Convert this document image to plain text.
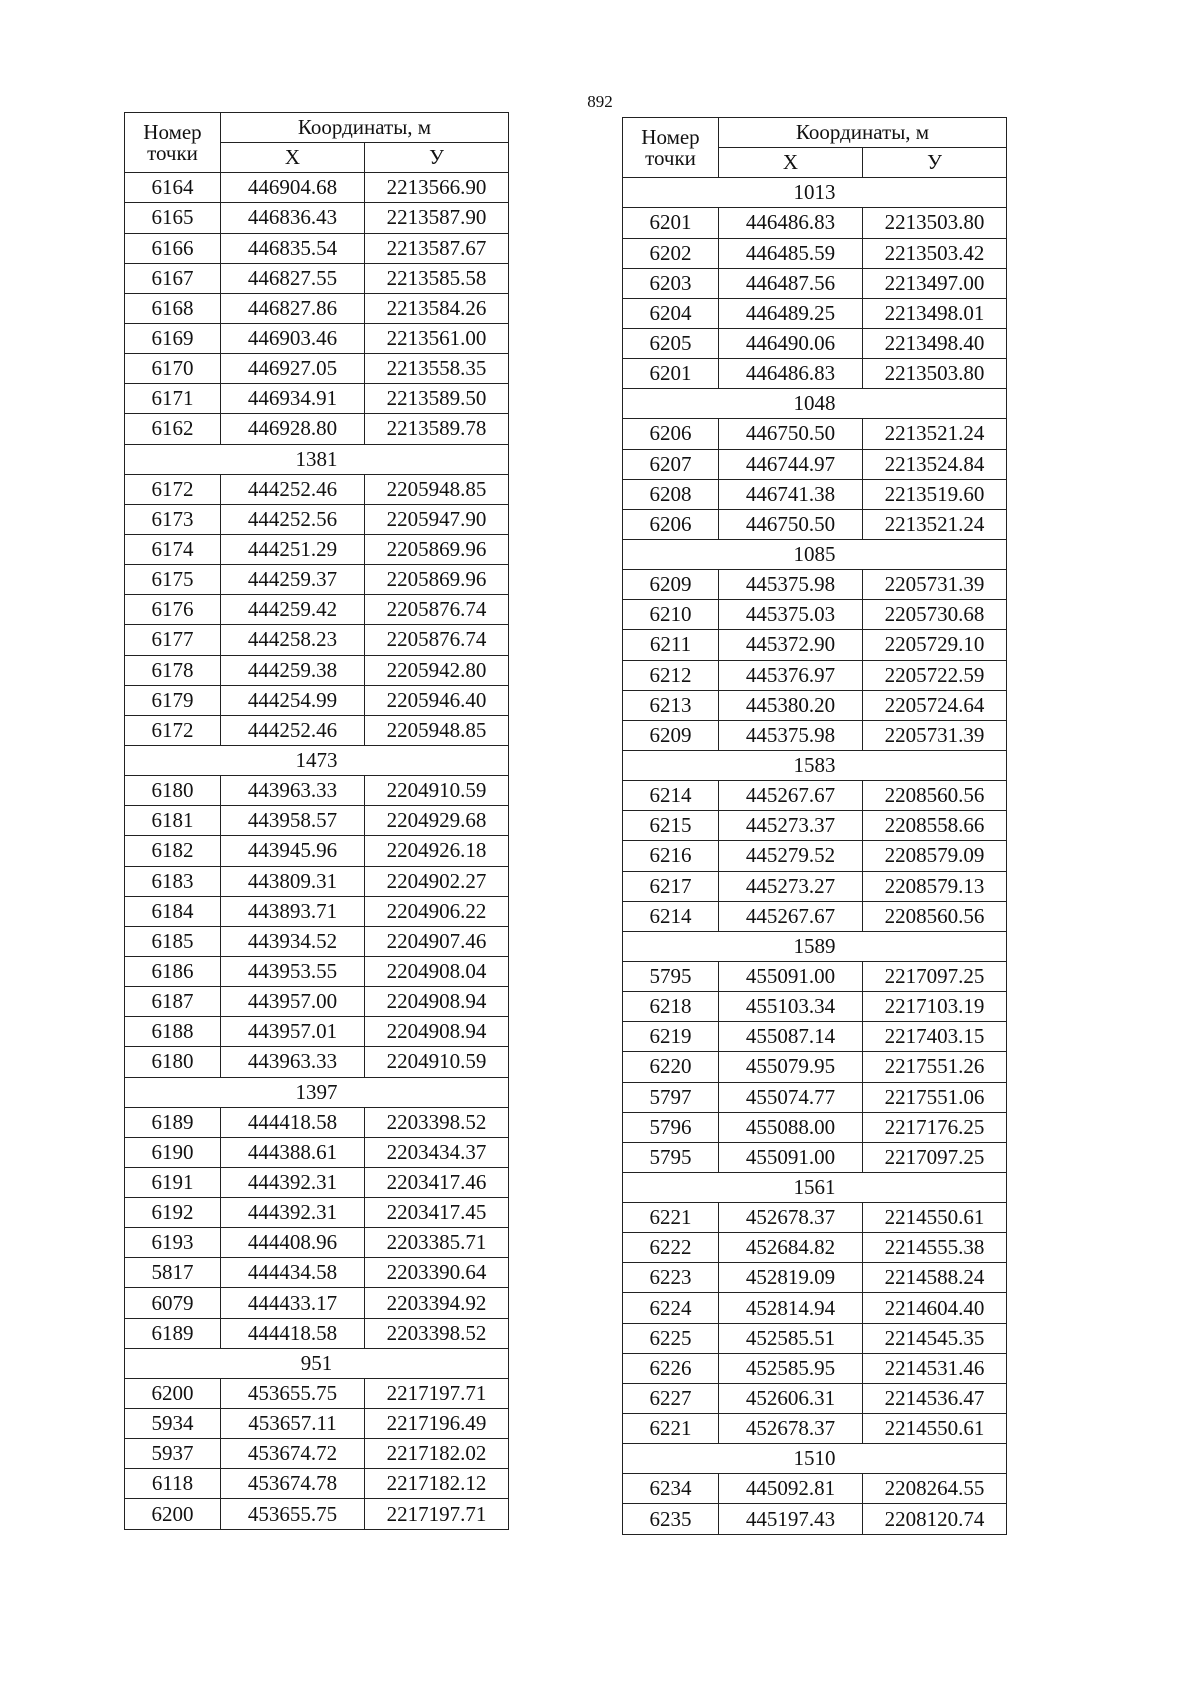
892
Номер
точки	Координаты, м	
	X	У
6164	446904.68	2213566.90
6165	446836.43	2213587.90
6166	446835.54	2213587.67
6167	446827.55	2213585.58
6168	446827.86	2213584.26
6169	446903.46	2213561.00
6170	446927.05	2213558.35
6171	446934.91	2213589.50
6162	446928.80	2213589.78
1381		
6172	444252.46	2205948.85
6173	444252.56	2205947.90
6174	444251.29	2205869.96
6175	444259.37	2205869.96
6176	444259.42	2205876.74
6177	444258.23	2205876.74
6178	444259.38	2205942.80
6179	444254.99	2205946.40
6172	444252.46	2205948.85
1473		
6180	443963.33	2204910.59
6181	443958.57	2204929.68
6182	443945.96	2204926.18
6183	443809.31	2204902.27
6184	443893.71	2204906.22
6185	443934.52	2204907.46
6186	443953.55	2204908.04
6187	443957.00	2204908.94
6188	443957.01	2204908.94
6180	443963.33	2204910.59
1397		
6189	444418.58	2203398.52
6190	444388.61	2203434.37
6191	444392.31	2203417.46
6192	444392.31	2203417.45
6193	444408.96	2203385.71
5817	444434.58	2203390.64
6079	444433.17	2203394.92
6189	444418.58	2203398.52
951		
6200	453655.75	2217197.71
5934	453657.11	2217196.49
5937	453674.72	2217182.02
6118	453674.78	2217182.12
6200	453655.75	2217197.71
Номер
точки	Координаты, м	
	X	У
1013		
6201	446486.83	2213503.80
6202	446485.59	2213503.42
6203	446487.56	2213497.00
6204	446489.25	2213498.01
6205	446490.06	2213498.40
6201	446486.83	2213503.80
1048		
6206	446750.50	2213521.24
6207	446744.97	2213524.84
6208	446741.38	2213519.60
6206	446750.50	2213521.24
1085		
6209	445375.98	2205731.39
6210	445375.03	2205730.68
6211	445372.90	2205729.10
6212	445376.97	2205722.59
6213	445380.20	2205724.64
6209	445375.98	2205731.39
1583		
6214	445267.67	2208560.56
6215	445273.37	2208558.66
6216	445279.52	2208579.09
6217	445273.27	2208579.13
6214	445267.67	2208560.56
1589		
5795	455091.00	2217097.25
6218	455103.34	2217103.19
6219	455087.14	2217403.15
6220	455079.95	2217551.26
5797	455074.77	2217551.06
5796	455088.00	2217176.25
5795	455091.00	2217097.25
1561		
6221	452678.37	2214550.61
6222	452684.82	2214555.38
6223	452819.09	2214588.24
6224	452814.94	2214604.40
6225	452585.51	2214545.35
6226	452585.95	2214531.46
6227	452606.31	2214536.47
6221	452678.37	2214550.61
1510		
6234	445092.81	2208264.55
6235	445197.43	2208120.74
